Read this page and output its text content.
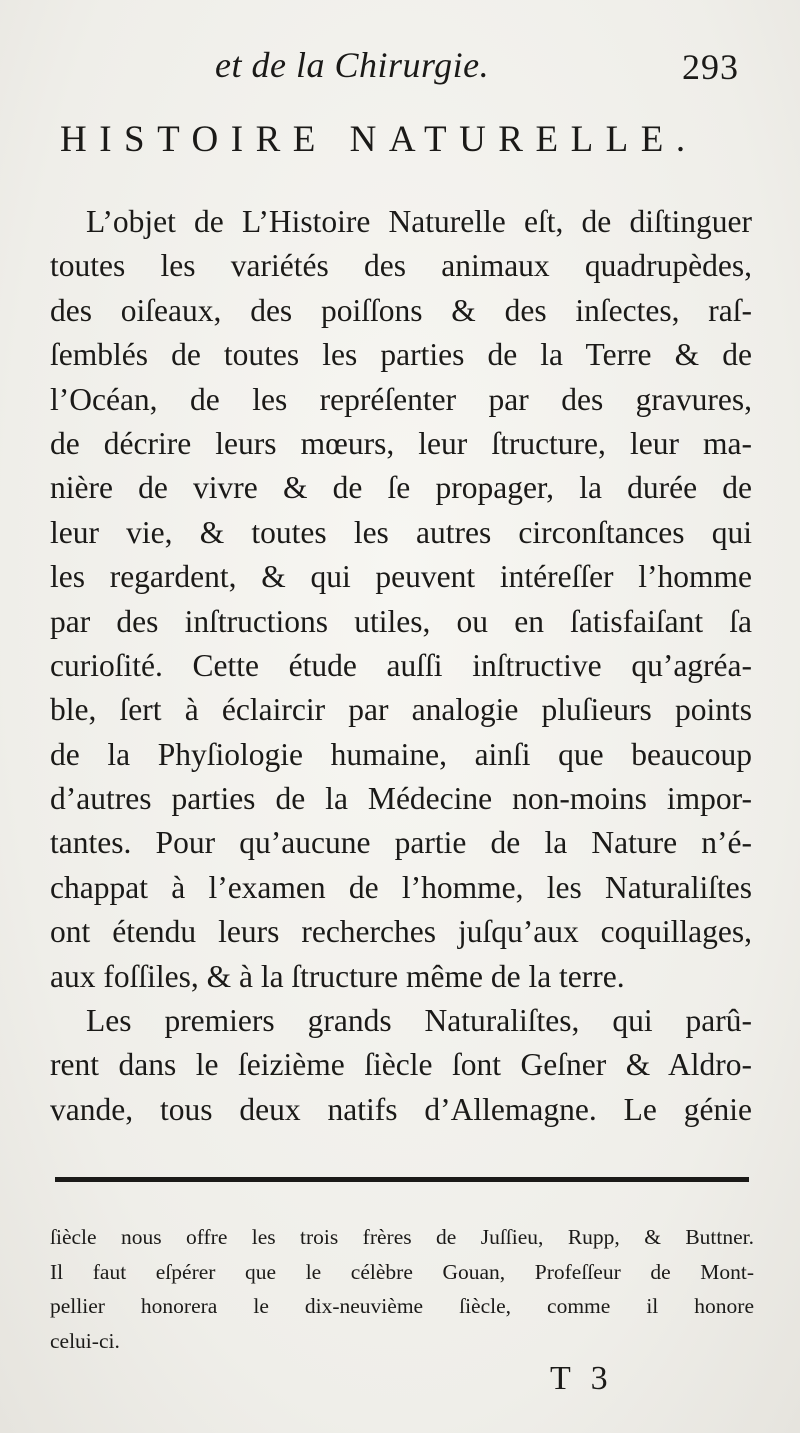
et de la Chirurgie.	293
HISTOIRE NATURELLE.
L’objet de L’Histoire Naturelle eſt, de diſtinguer
toutes les variétés des animaux quadrupèdes,
des oiſeaux, des poiſſons & des inſectes, raſ-
ſemblés de toutes les parties de la Terre & de
l’Océan, de les repréſenter par des gravures,
de décrire leurs mœurs, leur ſtructure, leur ma-
nière de vivre & de ſe propager, la durée de
leur vie, & toutes les autres circonſtances qui
les regardent, & qui peuvent intéreſſer l’homme
par des inſtructions utiles, ou en ſatisfaiſant ſa
curioſité. Cette étude auſſi inſtructive qu’agréa-
ble, ſert à éclaircir par analogie pluſieurs points
de la Phyſiologie humaine, ainſi que beaucoup
d’autres parties de la Médecine non-moins impor-
tantes. Pour qu’aucune partie de la Nature n’é-
chappat à l’examen de l’homme, les Naturaliſtes
ont étendu leurs recherches juſqu’aux coquillages,
aux foſſiles, & à la ſtructure même de la terre.
Les premiers grands Naturaliſtes, qui parû-
rent dans le ſeizième ſiècle ſont Geſner & Aldro-
vande, tous deux natifs d’Allemagne. Le génie
ſiècle nous offre les trois frères de Juſſieu, Rupp, & Buttner.
Il faut eſpérer que le célèbre Gouan, Profeſſeur de Mont-
pellier honorera le dix-neuvième ſiècle, comme il honore
celui-ci.
T 3
